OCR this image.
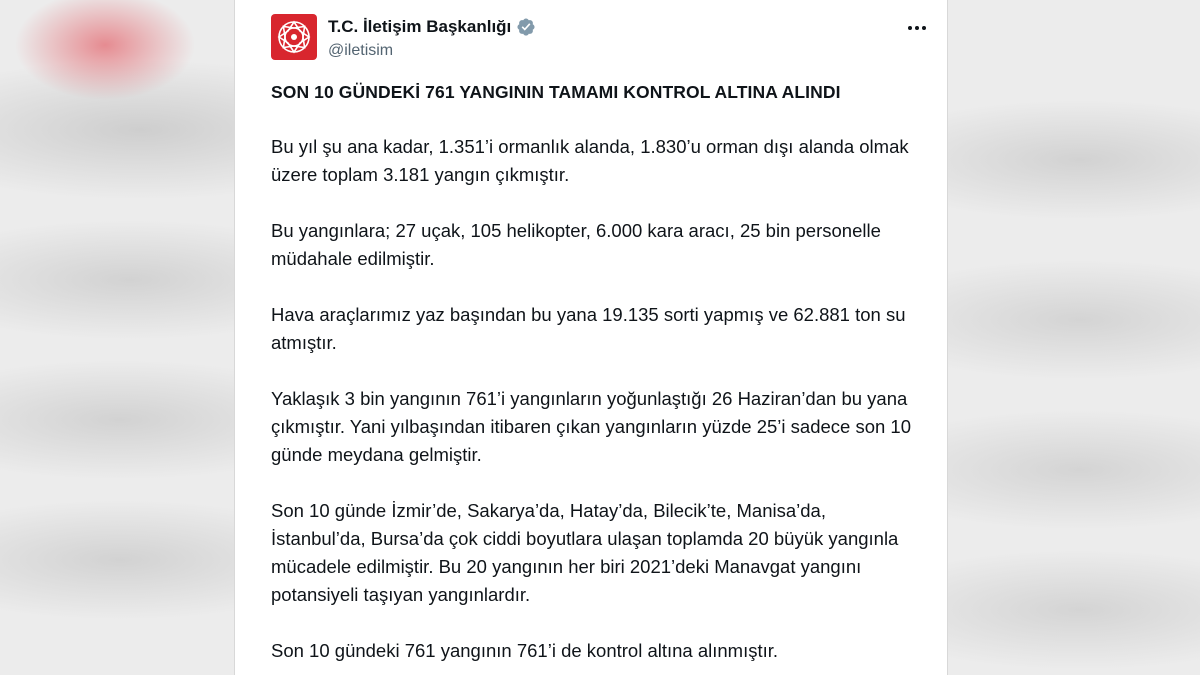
T.C. İletişim Başkanlığı
@iletisim
SON 10 GÜNDEKİ 761 YANGININ TAMAMI KONTROL ALTINA ALINDI
Bu yıl şu ana kadar, 1.351’i ormanlık alanda, 1.830’u orman dışı alanda olmak üzere toplam 3.181 yangın çıkmıştır.
Bu yangınlara; 27 uçak, 105 helikopter, 6.000 kara aracı, 25 bin personelle müdahale edilmiştir.
Hava araçlarımız yaz başından bu yana 19.135 sorti yapmış ve 62.881 ton su atmıştır.
Yaklaşık 3 bin yangının 761’i yangınların yoğunlaştığı 26 Haziran’dan bu yana çıkmıştır. Yani yılbaşından itibaren çıkan yangınların yüzde 25’i sadece son 10 günde meydana gelmiştir.
Son 10 günde İzmir’de, Sakarya’da, Hatay’da, Bilecik’te, Manisa’da, İstanbul’da, Bursa’da çok ciddi boyutlara ulaşan toplamda 20 büyük yangınla mücadele edilmiştir. Bu 20 yangının her biri 2021’deki Manavgat yangını potansiyeli taşıyan yangınlardır.
Son 10 gündeki 761 yangının 761’i de kontrol altına alınmıştır.
